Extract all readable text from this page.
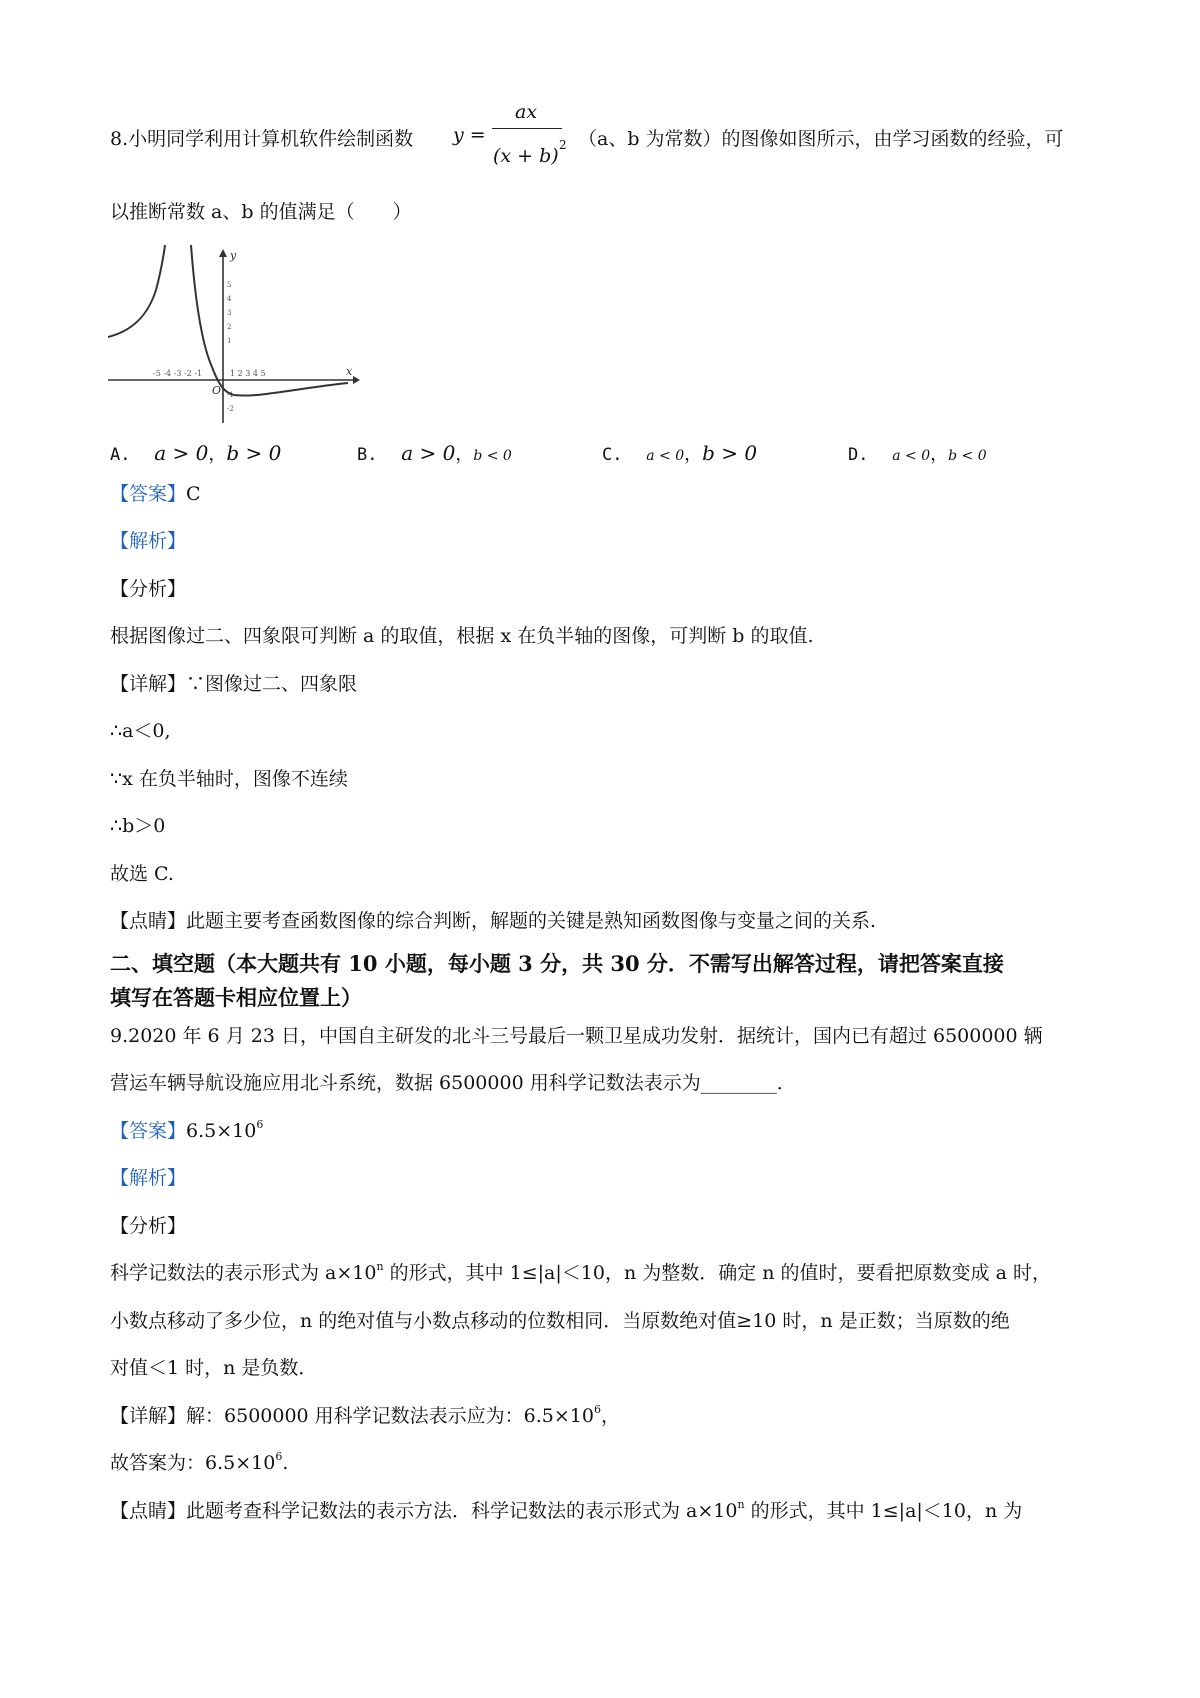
8.小明同学利用计算机软件绘制函数 y =
ax
(x + b) 2 （a、b 为常数）的图像如图所示，由学习函数的经验，可
以推断常数 a、b 的值满足（　　）
y
x
O
-5 -4 -3 -2 -1	1 2 3 4 5
5
4
3
2
1
-1
-2
A. a > 0，b > 0	B. a > 0，b < 0	C. a < 0，b > 0	D. a < 0，b < 0
【答案】C
【解析】
【分析】
根据图像过二、四象限可判断 a 的取值，根据 x 在负半轴的图像，可判断 b 的取值.
【详解】∵图像过二、四象限
∴a＜0,
∵x 在负半轴时，图像不连续
∴b＞0
故选 C.
【点睛】此题主要考查函数图像的综合判断，解题的关键是熟知函数图像与变量之间的关系.
二、填空题（本大题共有 10 小题，每小题 3 分，共 30 分．不需写出解答过程，请把答案直接
填写在答题卡相应位置上）
9.2020 年 6 月 23 日，中国自主研发的北斗三号最后一颗卫星成功发射．据统计，国内已有超过 6500000 辆
营运车辆导航设施应用北斗系统，数据 6500000 用科学记数法表示为________．
【答案】$6.5\times 10^6$
【解析】
【分析】
科学记数法的表示形式为 $a\times 10^n$ 的形式，其中 1≤|a|＜10，n 为整数．确定 n 的值时，要看把原数变成 a 时，
小数点移动了多少位，n 的绝对值与小数点移动的位数相同．当原数绝对值≥10 时，n 是正数；当原数的绝
对值＜1 时，n 是负数．
【详解】解：6500000 用科学记数法表示应为：$6.5\times 10^6$，
故答案为：$6.5\times 10^6$.
【点睛】此题考查科学记数法的表示方法．科学记数法的表示形式为 $a\times 10^n$ 的形式，其中 1≤|a|＜10，n 为
